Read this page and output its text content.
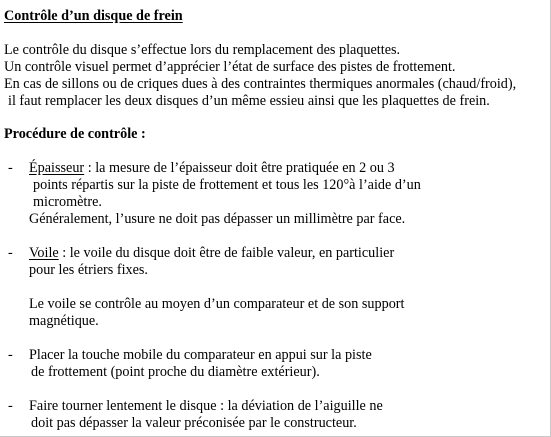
Contrôle d’un disque de frein
Le contrôle du disque s’effectue lors du remplacement des plaquettes.
Un contrôle visuel permet d’apprécier l’état de surface des pistes de frottement.
En cas de sillons ou de criques dues à des contraintes thermiques anormales (chaud/froid),
il faut remplacer les deux disques d’un même essieu ainsi que les plaquettes de frein.
Procédure de contrôle :
- Épaisseur : la mesure de l’épaisseur doit être pratiquée en 2 ou 3
points répartis sur la piste de frottement et tous les 120°à l’aide d’un
micromètre.
Généralement, l’usure ne doit pas dépasser un millimètre par face.
- Voile : le voile du disque doit être de faible valeur, en particulier
pour les étriers fixes.
Le voile se contrôle au moyen d’un comparateur et de son support
magnétique.
- Placer la touche mobile du comparateur en appui sur la piste
de frottement (point proche du diamètre extérieur).
- Faire tourner lentement le disque : la déviation de l’aiguille ne
doit pas dépasser la valeur préconisée par le constructeur.
